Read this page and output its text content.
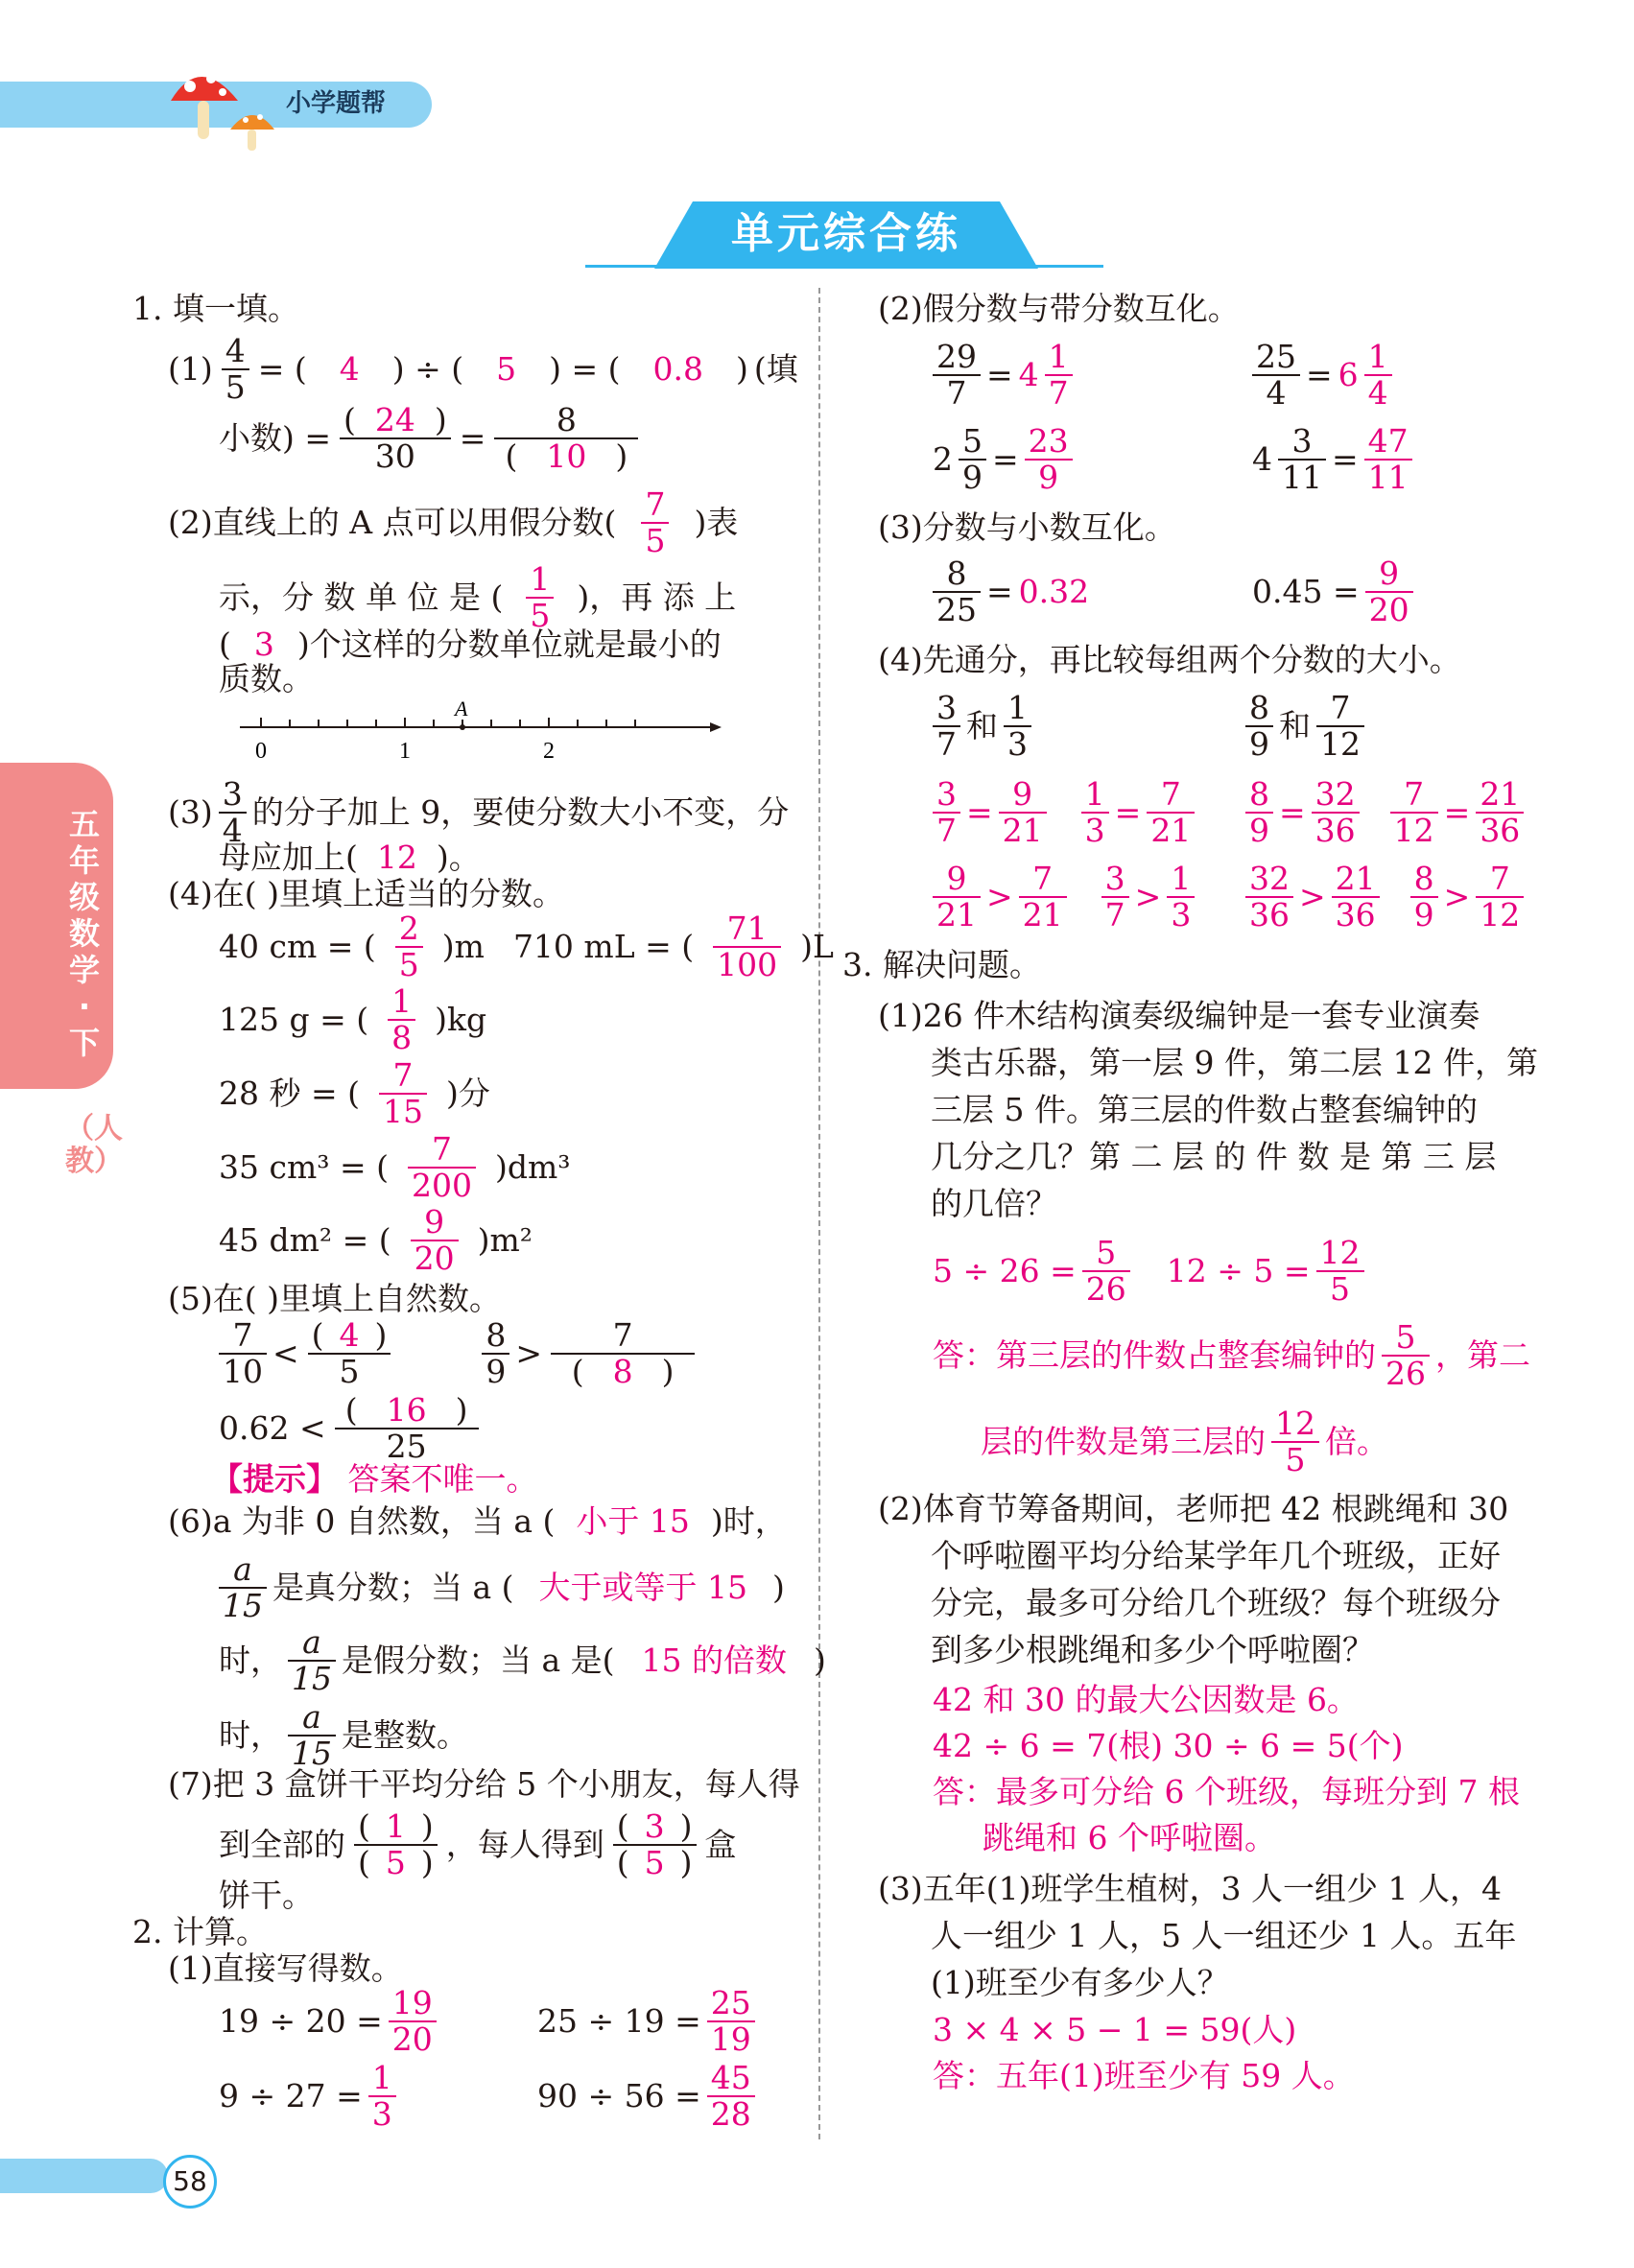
小学题帮
单元综合练
五年级数学·下
（人教）
1. 填一填。
$(1) \frac{4}{5}$ = (	4	) ÷ (	5	) = (	0.8	) (填
小数) = $\frac{( 24 )}{30} = \frac{8}{( 10 )}$
(2)直线上的 A 点可以用假分数( $\frac{7}{5}$ )表
示，分 数 单 位 是 ( $\frac{1}{5}$ )，再 添 上
( 3 )个这样的分数单位就是最小的
质数。
0	1	2
A
$(3) \frac{3}{4}$ 的分子加上 9，要使分数大小不变，分
母应加上( 12 )。
(4)在( )里填上适当的分数。
40 cm = ( $\frac{2}{5} )m$ 710 mL = ( $\frac{71}{100} )L$
125 g = ( $\frac{1}{8} )kg$
28 秒 = ( $\frac{7}{15}$ )分
35 cm³ = ( $\frac{7}{200} )dm^3$
45 dm² = ( $\frac{9}{20} )m^2$
(5)在( )里填上自然数。
$\frac{7}{10} < \frac{( 4 )}{5}$	$\frac{8}{9} > \frac{7}{( 8 )}$
$0.62 < \frac{( 16 )}{25}$
【提示】 答案不唯一。
(6)a 为非 0 自然数，当 a ( 小于 15 )时，
$\frac{a}{15}$ 是真分数；当 a ( 大于或等于 15 )
时， $\frac{a}{15}$ 是假分数；当 a 是( 15 的倍数 )
时， $\frac{a}{15}$ 是整数。
(7)把 3 盒饼干平均分给 5 个小朋友，每人得
到全部的 $\frac{( 1 )}{( 5 )}$ ，每人得到 $\frac{( 3 )}{( 5 )}$ 盒
饼干。
2. 计算。
(1)直接写得数。
$19 \div 20 = \frac{19}{20}$	$25 \div 19 = \frac{25}{19}$
$9 \div 27 = \frac{1}{3}$	$90 \div 56 = \frac{45}{28}$
(2)假分数与带分数互化。
$\frac{29}{7} = 4 \frac{1}{7}$	$\frac{25}{4} = 6 \frac{1}{4}$
$2 \frac{5}{9} = \frac{23}{9}$	$4 \frac{3}{11} = \frac{47}{11}$
(3)分数与小数互化。
$\frac{8}{25} = 0.32$	$0.45 = \frac{9}{20}$
(4)先通分，再比较每组两个分数的大小。
$\frac{3}{7}$ 和 $\frac{1}{3}$
$\frac{3}{7} = \frac{9}{21} \frac{1}{3} = \frac{7}{21}$
$\frac{9}{21} > \frac{7}{21} \frac{3}{7} > \frac{1}{3}$
$\frac{8}{9}$ 和 $\frac{7}{12}$
$\frac{8}{9} = \frac{32}{36} \frac{7}{12} = \frac{21}{36}$
$\frac{32}{36} > \frac{21}{36} \frac{8}{9} > \frac{7}{12}$
3. 解决问题。
(1)26 件木结构演奏级编钟是一套专业演奏
类古乐器，第一层 9 件，第二层 12 件，第
三层 5 件。第三层的件数占整套编钟的
几分之几？第 二 层 的 件 数 是 第 三 层
的几倍？
$5 \div 26 = \frac{5}{26} 12 \div 5 = \frac{12}{5}$
答：第三层的件数占整套编钟的 $\frac{5}{26}$ ，第二
层的件数是第三层的 $\frac{12}{5}$ 倍。
(2)体育节筹备期间，老师把 42 根跳绳和 30
个呼啦圈平均分给某学年几个班级，正好
分完，最多可分给几个班级？每个班级分
到多少根跳绳和多少个呼啦圈？
42 和 30 的最大公因数是 6。
42 ÷ 6 = 7(根) 30 ÷ 6 = 5(个)
答：最多可分给 6 个班级，每班分到 7 根
跳绳和 6 个呼啦圈。
(3)五年(1)班学生植树，3 人一组少 1 人，4
人一组少 1 人，5 人一组还少 1 人。五年
(1)班至少有多少人？
3 × 4 × 5 − 1 = 59(人)
答：五年(1)班至少有 59 人。
58
